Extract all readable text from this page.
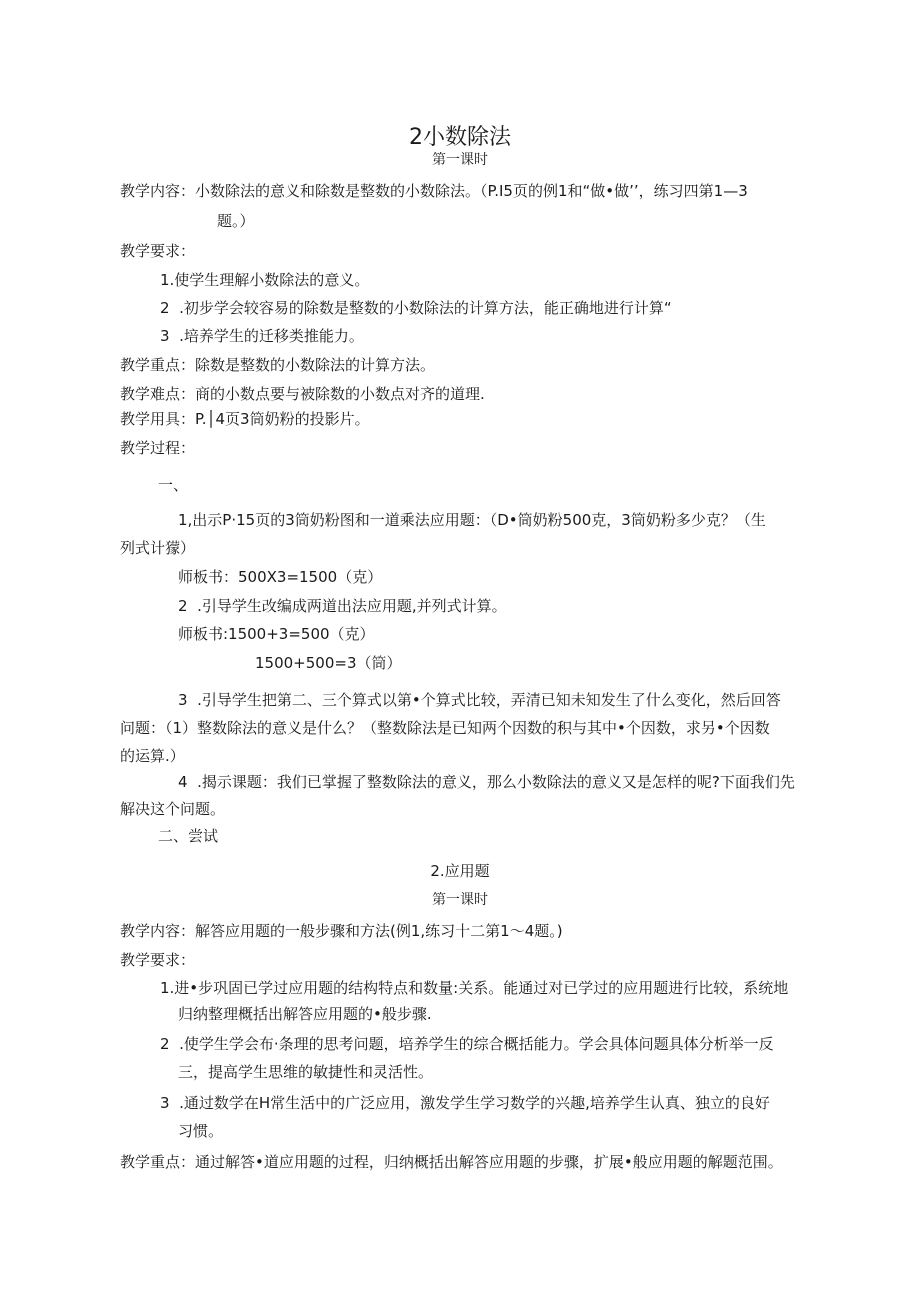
2小数除法
第一课时
教学内容：小数除法的意义和除数是整数的小数除法。（P.I5页的例1和“做•做’’，练习四第1—3
题。）
教学要求：
1.使学生理解小数除法的意义。
2  .初步学会较容易的除数是整数的小数除法的计算方法，能正确地进行计算“
3  .培养学生的迁移类推能力。
教学重点：除数是整数的小数除法的计算方法。
教学难点：商的小数点要与被除数的小数点对齐的道理.
教学用具：P.│4页3筒奶粉的投影片。
教学过程：
一、
1,出示P·15页的3筒奶粉图和一道乘法应用题：（D•筒奶粉500克，3筒奶粉多少克？（生
列式计獴）
师板书：500X3=1500（克）
2  .引导学生改编成两道出法应用题,并列式计算。
师板书:1500+3=500（克）
1500+500=3（筒）
3  .引导学生把第二、三个算式以第•个算式比较，弄清已知未知发生了什么变化，然后回答
问题：（1）整数除法的意义是什么？（整数除法是已知两个因数的积与其中•个因数，求另•个因数
的运算.）
4  .揭示课题：我们已掌握了整数除法的意义，那么小数除法的意义又是怎样的呢?下面我们先
解决这个问题。
二、尝试
2.应用题
第一课时
教学内容：解答应用题的一般步骤和方法(例1,练习十二第1～4题。)
教学要求：
1.进•步巩固已学过应用题的结构特点和数量:关系。能通过对已学过的应用题进行比较，系统地
归纳整理概括出解答应用题的•般步骤.
2  .使学生学会布·条理的思考问题，培养学生的综合概括能力。学会具体问题具体分析举一反
三，提高学生思维的敏捷性和灵活性。
3  .通过数学在H常生活中的广泛应用，激发学生学习数学的兴趣,培养学生认真、独立的良好
习惯。
教学重点：通过解答•道应用题的过程，归纳概括出解答应用题的步骤，扩展•般应用题的解题范围。
